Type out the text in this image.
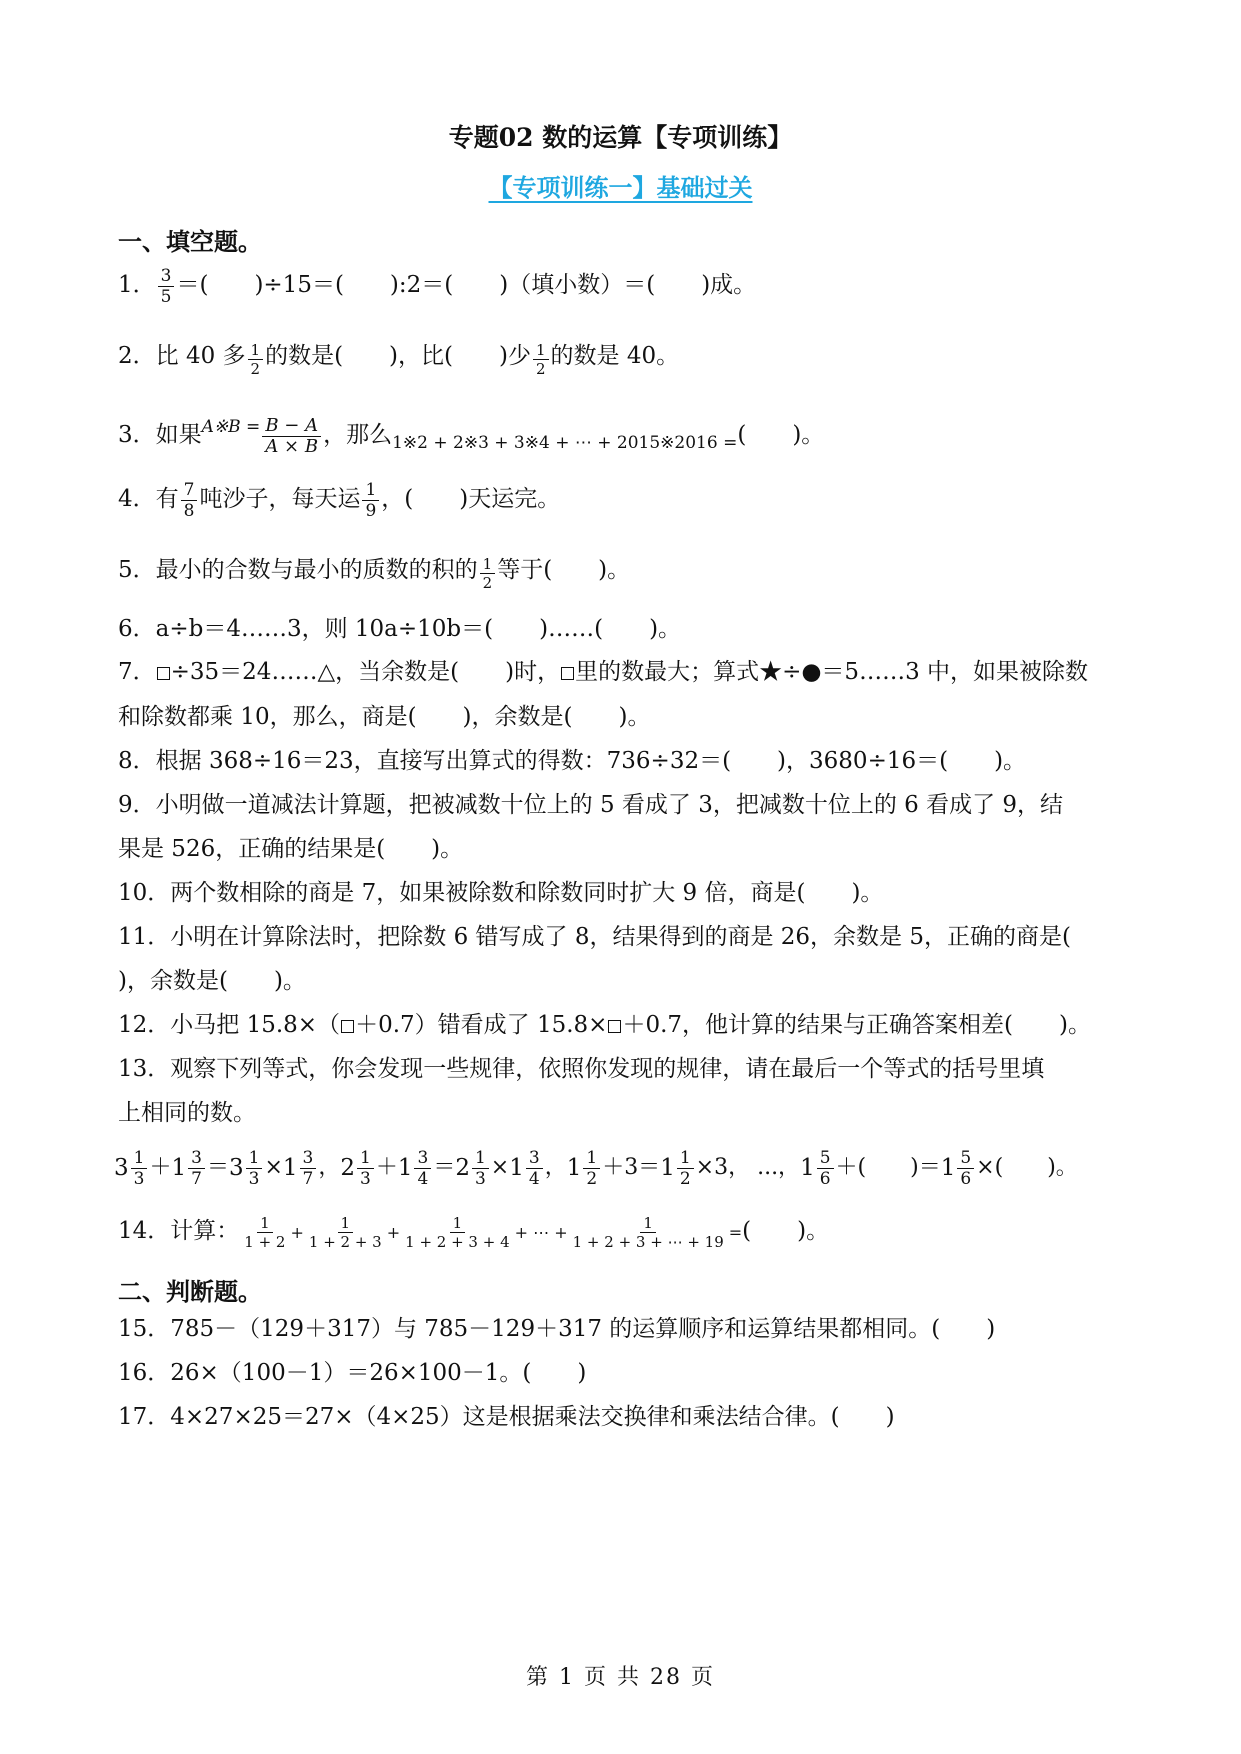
专题02 数的运算【专项训练】
【专项训练一】基础过关
一、填空题。
1． $\frac{3}{5}$ ＝(　　)÷15＝(　　):2＝(　　)（填小数）＝(　　)成。
2．比 40 多 $\frac{1}{2}$ 的数是(　　)，比(　　)少 $\frac{1}{2}$ 的数是 40。
3．如果$^{A※B =} \frac{B - A}{A \times B}$ ，那么$_{1※2 + 2※3 + 3※4 + \cdots + 2015※2016 =}$(　　)。
4．有 $\frac{7}{8}$ 吨沙子，每天运 $\frac{1}{9}$ ，(　　)天运完。
5．最小的合数与最小的质数的积的 $\frac{1}{2}$ 等于(　　)。
6．a÷b＝4……3，则 10a÷10b＝(　　)……(　　)。
7． ÷35＝24……△，当余数是(　　)时， 里的数最大；算式★÷●＝5……3 中，如果被除数
和除数都乘 10，那么，商是(　　)，余数是(　　)。
8．根据 368÷16＝23，直接写出算式的得数：736÷32＝(　　)，3680÷16＝(　　)。
9．小明做一道减法计算题，把被减数十位上的 5 看成了 3，把减数十位上的 6 看成了 9，结
果是 526，正确的结果是(　　)。
10．两个数相除的商是 7，如果被除数和除数同时扩大 9 倍，商是(　　)。
11．小明在计算除法时，把除数 6 错写成了 8，结果得到的商是 26，余数是 5，正确的商是(
)，余数是(　　)。
12．小马把 15.8×（ ＋0.7）错看成了 15.8× ＋0.7，他计算的结果与正确答案相差(　　)。
13．观察下列等式，你会发现一些规律，依照你发现的规律，请在最后一个等式的括号里填
上相同的数。
$3 \frac{1}{3} + 1 \frac{3}{7} = 3 \frac{1}{3} \times 1 \frac{3}{7}$ ， $2 \frac{1}{3} + 1 \frac{3}{4} = 2 \frac{1}{3} \times 1 \frac{3}{4}$ ， $1 \frac{1}{2} +3= 1 \frac{1}{2} \times 3$， ...， $1 \frac{5}{6}$ ＋(　　)＝ $1 \frac{5}{6}$ ×(　　)。
14．计算： $\frac{1}{1 + 2} + \frac{1}{1 + 2 + 3} + \frac{1}{1 + 2 + 3 + 4}$ + ⋯ + $\frac{1}{1 + 2 + 3 + \cdots + 19}$ =(　　)。
二、判断题。
15．785－（129＋317）与 785－129＋317 的运算顺序和运算结果都相同。(　　)
16．26×（100－1）＝26×100－1。(　　)
17．4×27×25＝27×（4×25）这是根据乘法交换律和乘法结合律。(　　)
第 1 页 共 28 页
